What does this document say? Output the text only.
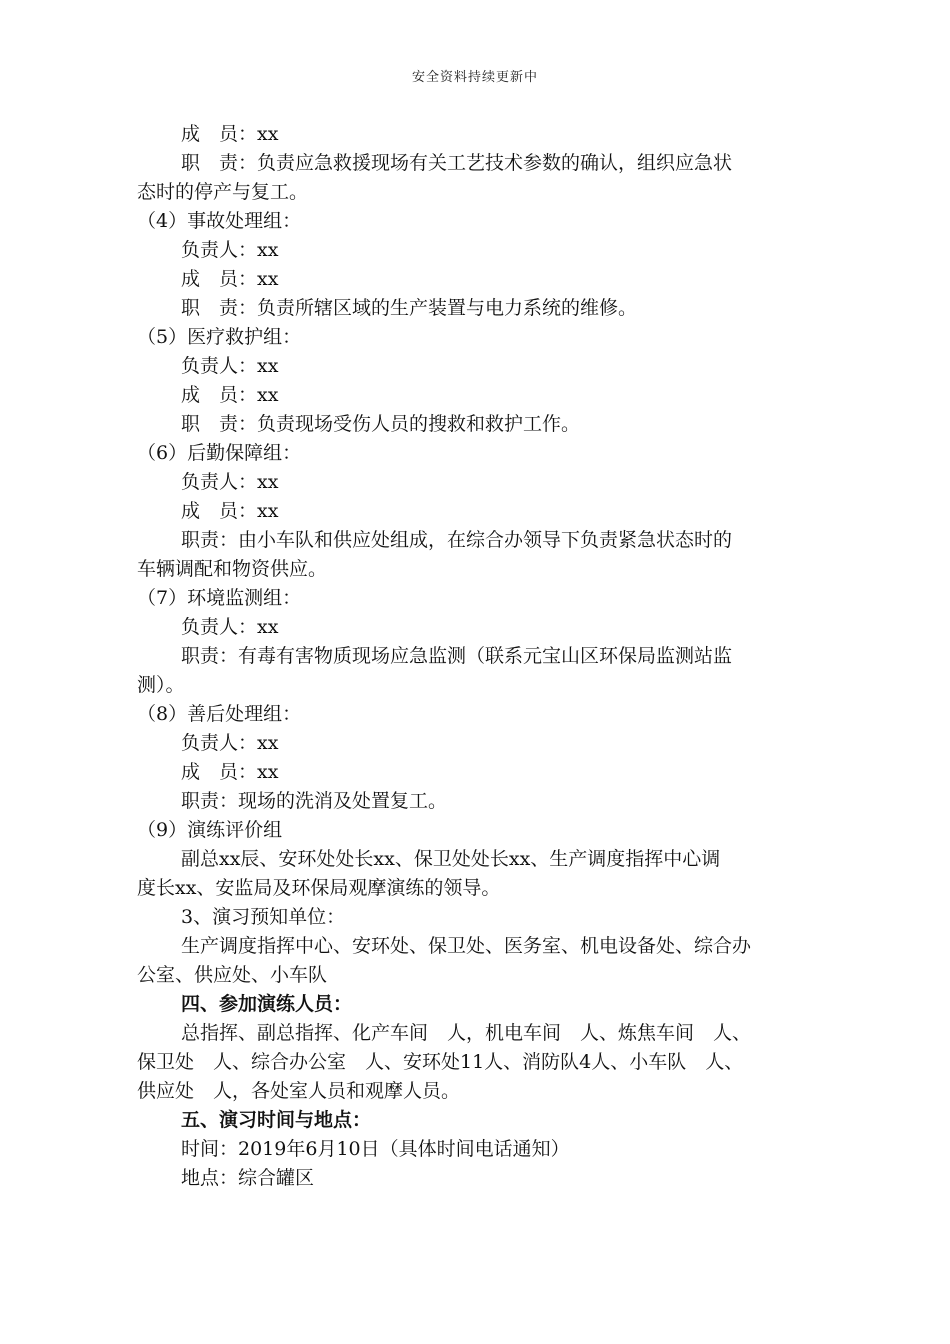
安全资料持续更新中
成　员：xx
职　责：负责应急救援现场有关工艺技术参数的确认，组织应急状
态时的停产与复工。
（4）事故处理组：
负责人：xx
成　员：xx
职　责：负责所辖区域的生产装置与电力系统的维修。
（5）医疗救护组：
负责人：xx
成　员：xx
职　责：负责现场受伤人员的搜救和救护工作。
（6）后勤保障组：
负责人：xx
成　员：xx
职责：由小车队和供应处组成，在综合办领导下负责紧急状态时的
车辆调配和物资供应。
（7）环境监测组：
负责人：xx
职责：有毒有害物质现场应急监测（联系元宝山区环保局监测站监
测）。
（8）善后处理组：
负责人：xx
成　员：xx
职责：现场的洗消及处置复工。
（9）演练评价组
副总xx辰、安环处处长xx、保卫处处长xx、生产调度指挥中心调
度长xx、安监局及环保局观摩演练的领导。
3、演习预知单位：
生产调度指挥中心、安环处、保卫处、医务室、机电设备处、综合办
公室、供应处、小车队
四、参加演练人员：
总指挥、副总指挥、化产车间　人，机电车间　人、炼焦车间　人、
保卫处　人、综合办公室　人、安环处11人、消防队4人、小车队　人、
供应处　人，各处室人员和观摩人员。
五、演习时间与地点：
时间：2019年6月10日（具体时间电话通知）
地点：综合罐区
